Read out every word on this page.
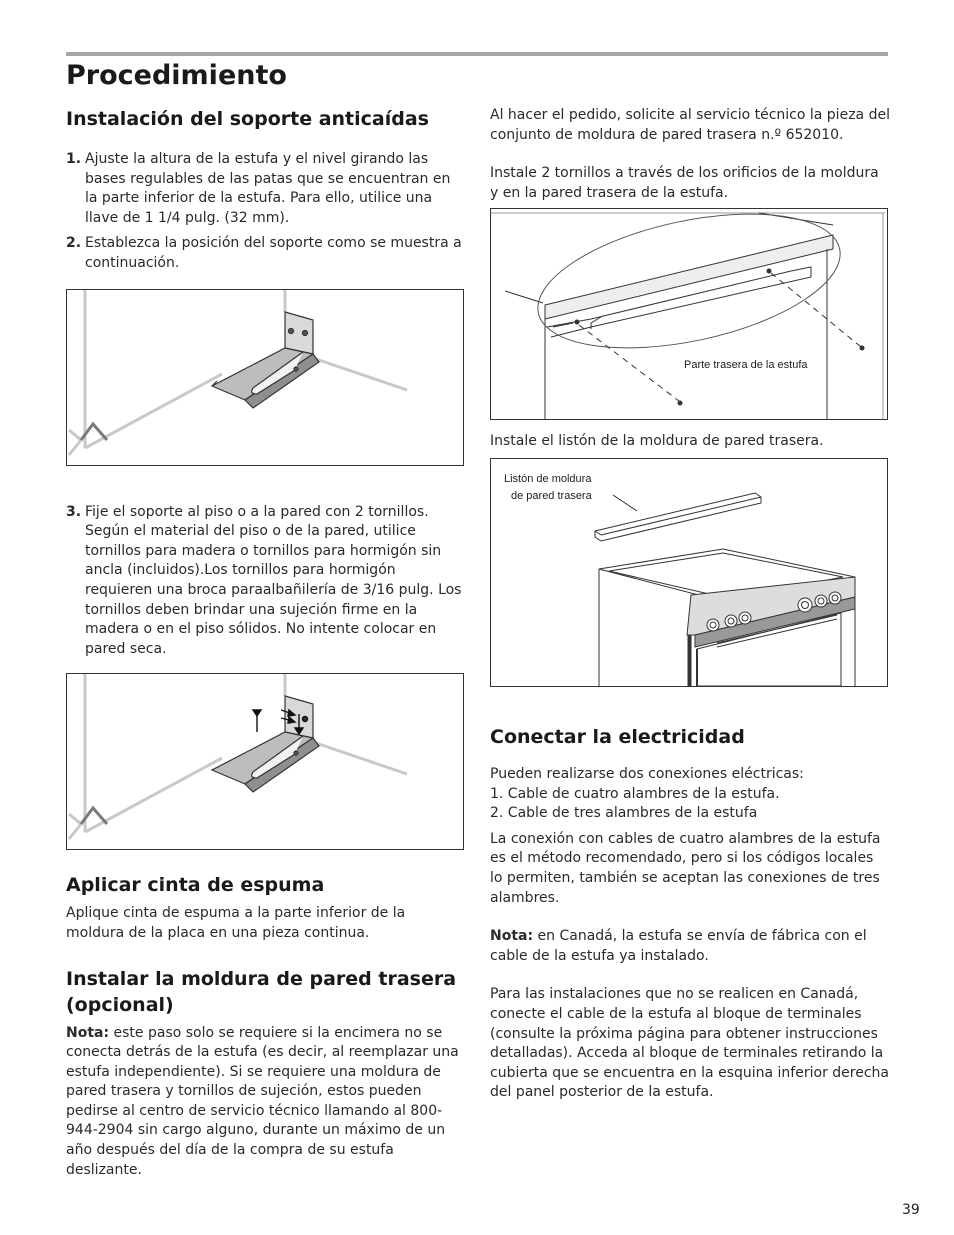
Procedimiento
Instalación del soporte anticaídas
1. Ajuste la altura de la estufa y el nivel girando las bases regulables de las patas que se encuentran en la parte inferior de la estufa. Para ello, utilice una llave de 1 1/4 pulg. (32 mm).
2. Establezca la posición del soporte como se muestra a continuación.
3. Fije el soporte al piso o a la pared con 2 tornillos. Según el material del piso o de la pared, utilice tornillos para madera o tornillos para hormigón sin ancla (incluidos).Los tornillos para hormigón requieren una broca paraalbañilería de 3/16 pulg. Los tornillos deben brindar una sujeción firme en la madera o en el piso sólidos. No intente colocar en pared seca.
Aplicar cinta de espuma

Aplique cinta de espuma a la parte inferior de la moldura de la placa en una pieza continua.

Instalar la moldura de pared trasera (opcional)

Nota: este paso solo se requiere si la encimera no se conecta detrás de la estufa (es decir, al reemplazar una estufa independiente). Si se requiere una moldura de pared trasera y tornillos de sujeción, estos pueden pedirse al centro de servicio técnico llamando al 800-944-2904 sin cargo alguno, durante un máximo de un año después del día de la compra de su estufa deslizante.

Al hacer el pedido, solicite al servicio técnico la pieza del conjunto de moldura de pared trasera n.º 652010.

Instale 2 tornillos a través de los orificios de la moldura y en la pared trasera de la estufa.

Parte trasera de la estufa

Instale el listón de la moldura de pared trasera.

Listón de moldura
de pared trasera
Conectar la electricidad

Pueden realizarse dos conexiones eléctricas:

1. Cable de cuatro alambres de la estufa.

2. Cable de tres alambres de la estufa

La conexión con cables de cuatro alambres de la estufa es el método recomendado, pero si los códigos locales lo permiten, también se aceptan las conexiones de tres alambres.

Nota: en Canadá, la estufa se envía de fábrica con el cable de la estufa ya instalado.

Para las instalaciones que no se realicen en Canadá, conecte el cable de la estufa al bloque de terminales (consulte la próxima página para obtener instrucciones detalladas). Acceda al bloque de terminales retirando la cubierta que se encuentra en la esquina inferior derecha del panel posterior de la estufa.

39
